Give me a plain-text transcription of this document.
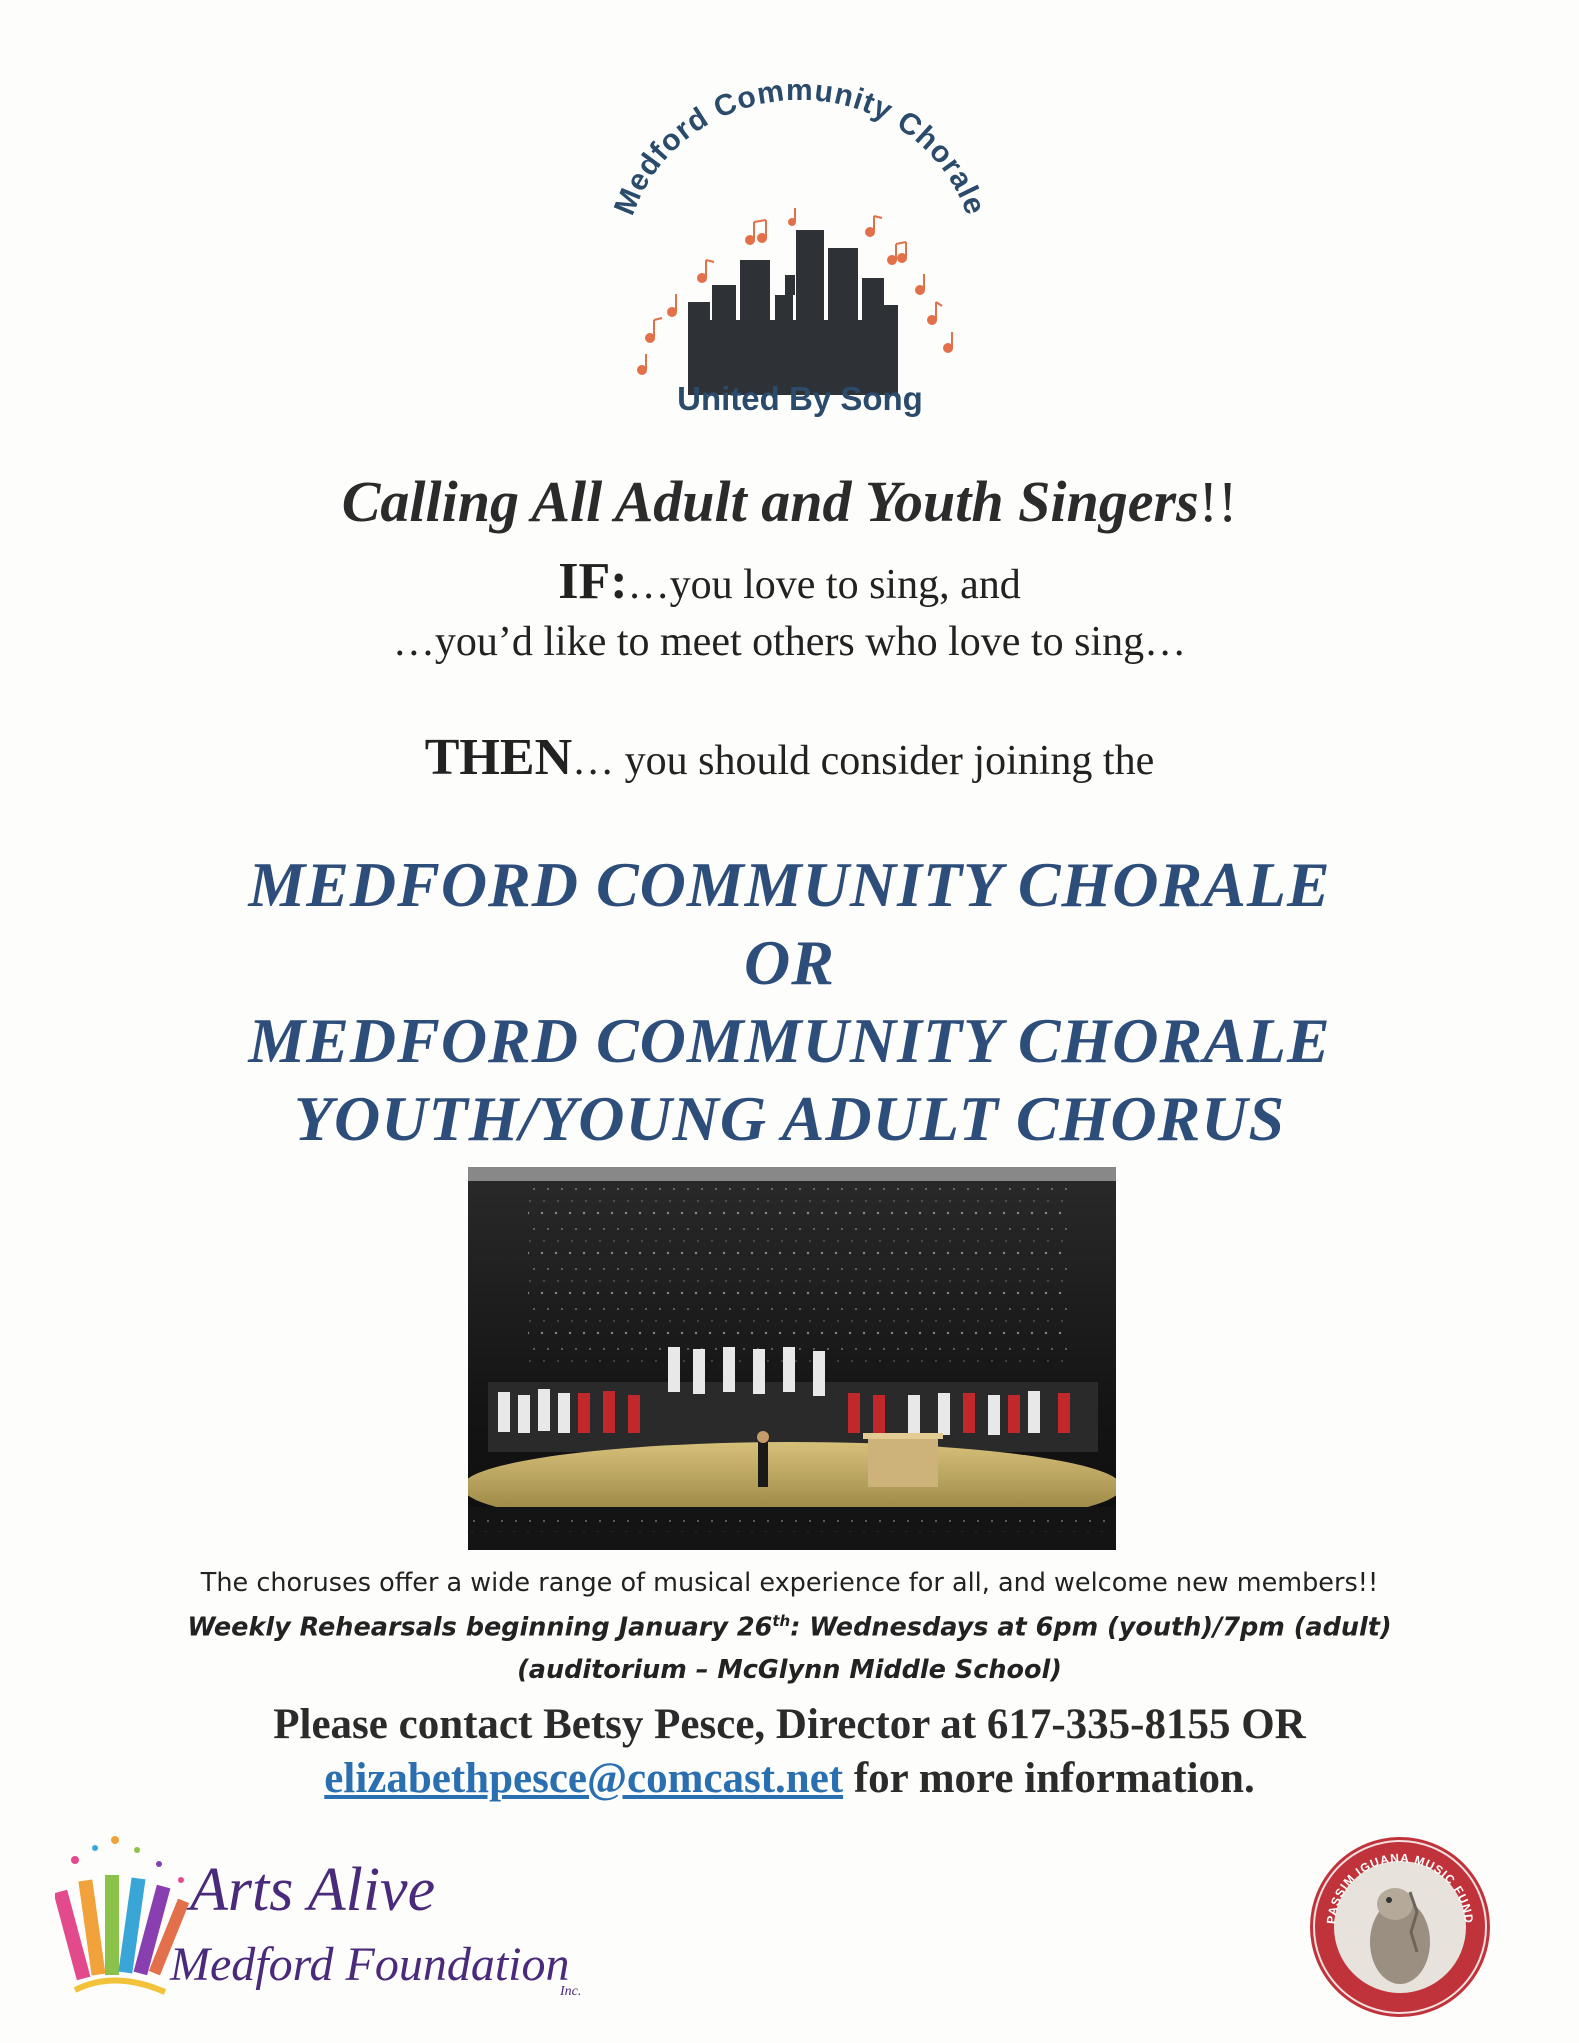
Medford Community Chorale
United By Song
Calling All Adult and Youth Singers!!
IF:…you love to sing, and
…you’d like to meet others who love to sing…
THEN… you should consider joining the
MEDFORD COMMUNITY CHORALE
OR
MEDFORD COMMUNITY CHORALE
YOUTH/YOUNG ADULT CHORUS
The choruses offer a wide range of musical experience for all, and welcome new members!!
Weekly Rehearsals beginning January 26th: Wednesdays at 6pm (youth)/7pm (adult)
(auditorium – McGlynn Middle School)
Please contact Betsy Pesce, Director at 617-335-8155 OR
elizabethpesce@comcast.net for more information.
Arts Alive
Medford Foundation
Inc.
PASSIM IGUANA MUSIC FUND
